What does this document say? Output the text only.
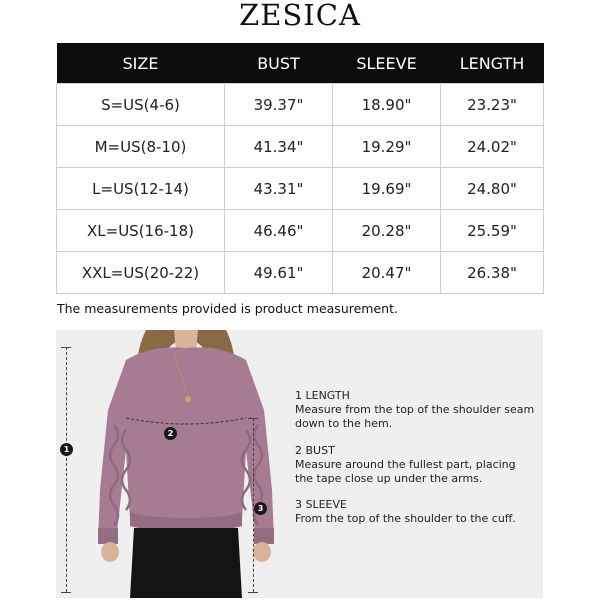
ZESICA
SIZE	BUST	SLEEVE	LENGTH
S=US(4-6)	39.37"	18.90"	23.23"
M=US(8-10)	41.34"	19.29"	24.02"
L=US(12-14)	43.31"	19.69"	24.80"
XL=US(16-18)	46.46"	20.28"	25.59"
XXL=US(20-22)	49.61"	20.47"	26.38"
The measurements provided is product measurement.
1
2
3
1 LENGTH
Measure from the top of the shoulder seam down to the hem.
2 BUST
Measure around the fullest part, placing the tape close up under the arms.
3 SLEEVE
From the top of the shoulder to the cuff.
